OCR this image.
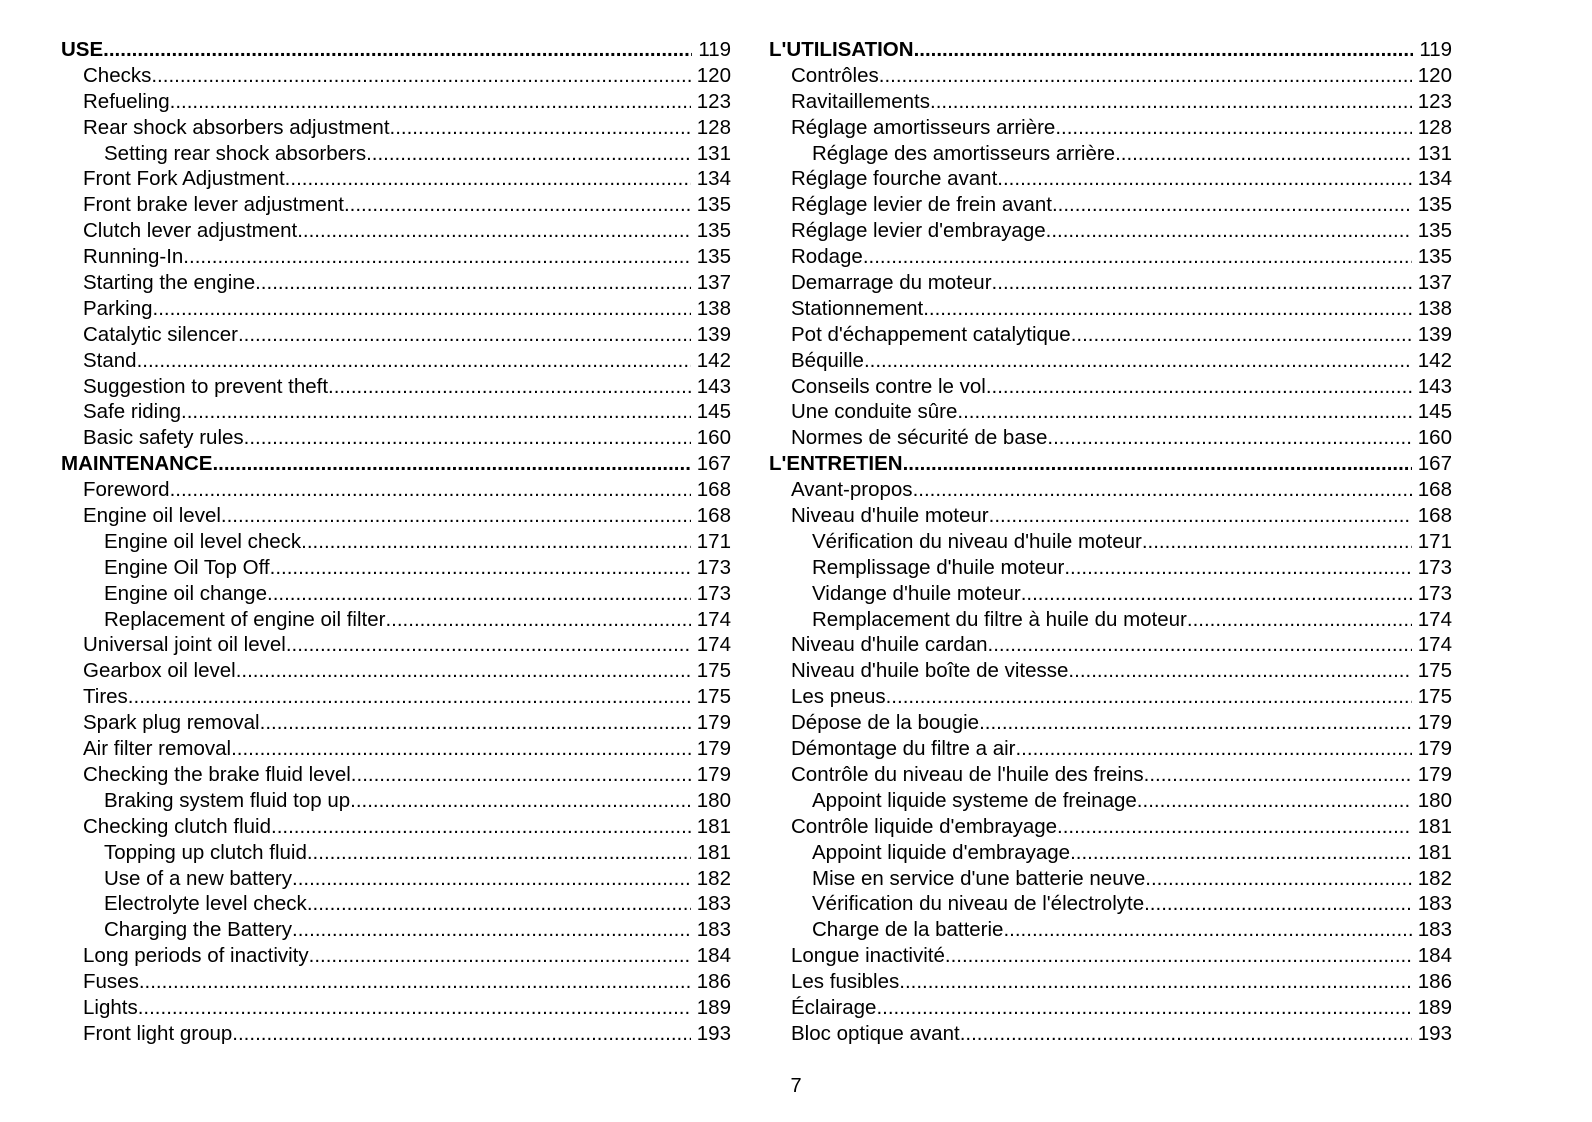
USE .....	119
Checks .....	120
Refueling .....	123
Rear shock absorbers adjustment .....	128
Setting rear shock absorbers .....	131
Front Fork Adjustment .....	134
Front brake lever adjustment .....	135
Clutch lever adjustment .....	135
Running-In .....	135
Starting the engine .....	137
Parking .....	138
Catalytic silencer .....	139
Stand .....	142
Suggestion to prevent theft .....	143
Safe riding .....	145
Basic safety rules .....	160
MAINTENANCE .....	167
Foreword .....	168
Engine oil level .....	168
Engine oil level check .....	171
Engine Oil Top Off .....	173
Engine oil change .....	173
Replacement of engine oil filter .....	174
Universal joint oil level .....	174
Gearbox oil level .....	175
Tires .....	175
Spark plug removal .....	179
Air filter removal .....	179
Checking the brake fluid level .....	179
Braking system fluid top up .....	180
Checking clutch fluid .....	181
Topping up clutch fluid .....	181
Use of a new battery .....	182
Electrolyte level check .....	183
Charging the Battery .....	183
Long periods of inactivity .....	184
Fuses .....	186
Lights .....	189
Front light group .....	193
L'UTILISATION .....	119
Contrôles .....	120
Ravitaillements .....	123
Réglage amortisseurs arrière .....	128
Réglage des amortisseurs arrière .....	131
Réglage fourche avant .....	134
Réglage levier de frein avant .....	135
Réglage levier d'embrayage .....	135
Rodage .....	135
Demarrage du moteur .....	137
Stationnement .....	138
Pot d'échappement catalytique .....	139
Béquille .....	142
Conseils contre le vol .....	143
Une conduite sûre .....	145
Normes de sécurité de base .....	160
L'ENTRETIEN .....	167
Avant-propos .....	168
Niveau d'huile moteur .....	168
Vérification du niveau d'huile moteur .....	171
Remplissage d'huile moteur .....	173
Vidange d'huile moteur .....	173
Remplacement du filtre à huile du moteur .....	174
Niveau d'huile cardan .....	174
Niveau d'huile boîte de vitesse .....	175
Les pneus .....	175
Dépose de la bougie .....	179
Démontage du filtre a air .....	179
Contrôle du niveau de l'huile des freins .....	179
Appoint liquide systeme de freinage .....	180
Contrôle liquide d'embrayage .....	181
Appoint liquide d'embrayage .....	181
Mise en service d'une batterie neuve .....	182
Vérification du niveau de l'électrolyte .....	183
Charge de la batterie .....	183
Longue inactivité .....	184
Les fusibles .....	186
Éclairage .....	189
Bloc optique avant .....	193
7
